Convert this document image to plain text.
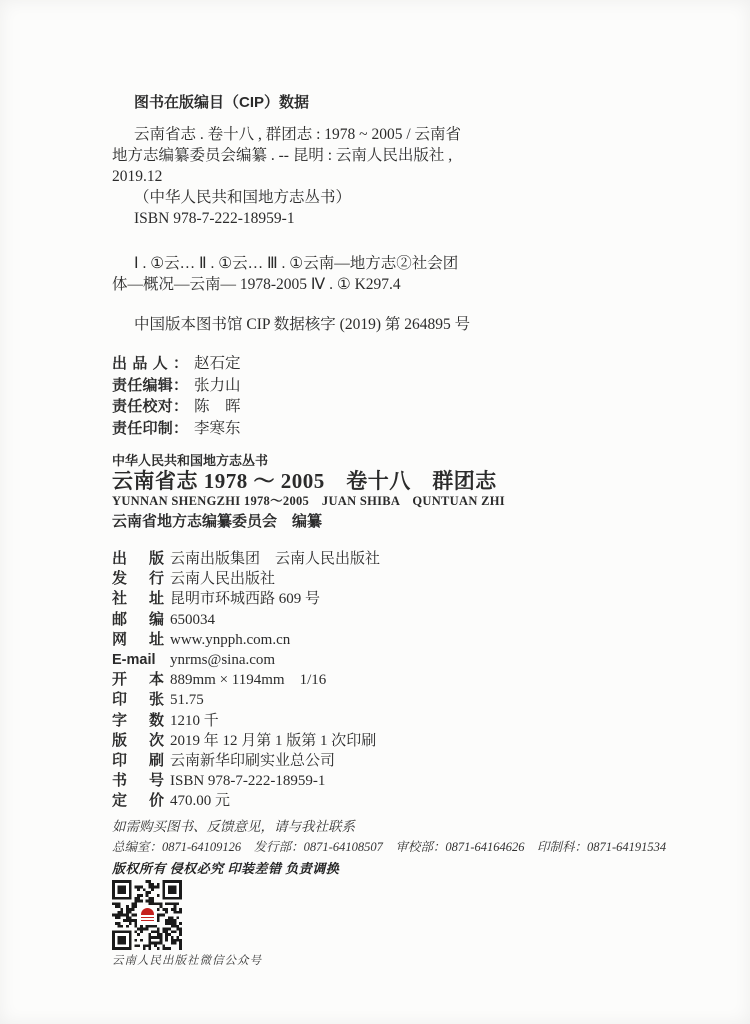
图书在版编目（CIP）数据
云南省志 . 卷十八 , 群团志 : 1978 ~ 2005 / 云南省
地方志编纂委员会编纂 . -- 昆明 : 云南人民出版社 ,
2019.12
（中华人民共和国地方志丛书）
ISBN 978-7-222-18959-1
Ⅰ . ①云… Ⅱ . ①云… Ⅲ . ①云南—地方志②社会团
体—概况—云南— 1978-2005 Ⅳ . ① K297.4
中国版本图书馆 CIP 数据核字 (2019) 第 264895 号
出品人： 赵石定
责任编辑： 张力山
责任校对： 陈　晖
责任印制： 李寒东
中华人民共和国地方志丛书
云南省志 1978 ～ 2005　卷十八　群团志
YUNNAN SHENGZHI 1978～2005　JUAN SHIBA　QUNTUAN ZHI
云南省地方志编纂委员会　编纂
出版 云南出版集团　云南人民出版社
发行 云南人民出版社
社址 昆明市环城西路 609 号
邮编 650034
网址 www.ynpph.com.cn
E-mail ynrms@sina.com
开本 889mm × 1194mm　1/16
印张 51.75
字数 1210 千
版次 2019 年 12 月第 1 版第 1 次印刷
印刷 云南新华印刷实业总公司
书号 ISBN 978-7-222-18959-1
定价 470.00 元
如需购买图书、反馈意见，请与我社联系
总编室：0871-64109126　发行部：0871-64108507　审校部：0871-64164626　印制科：0871-64191534
版权所有 侵权必究 印装差错 负责调换
云南人民出版社微信公众号
